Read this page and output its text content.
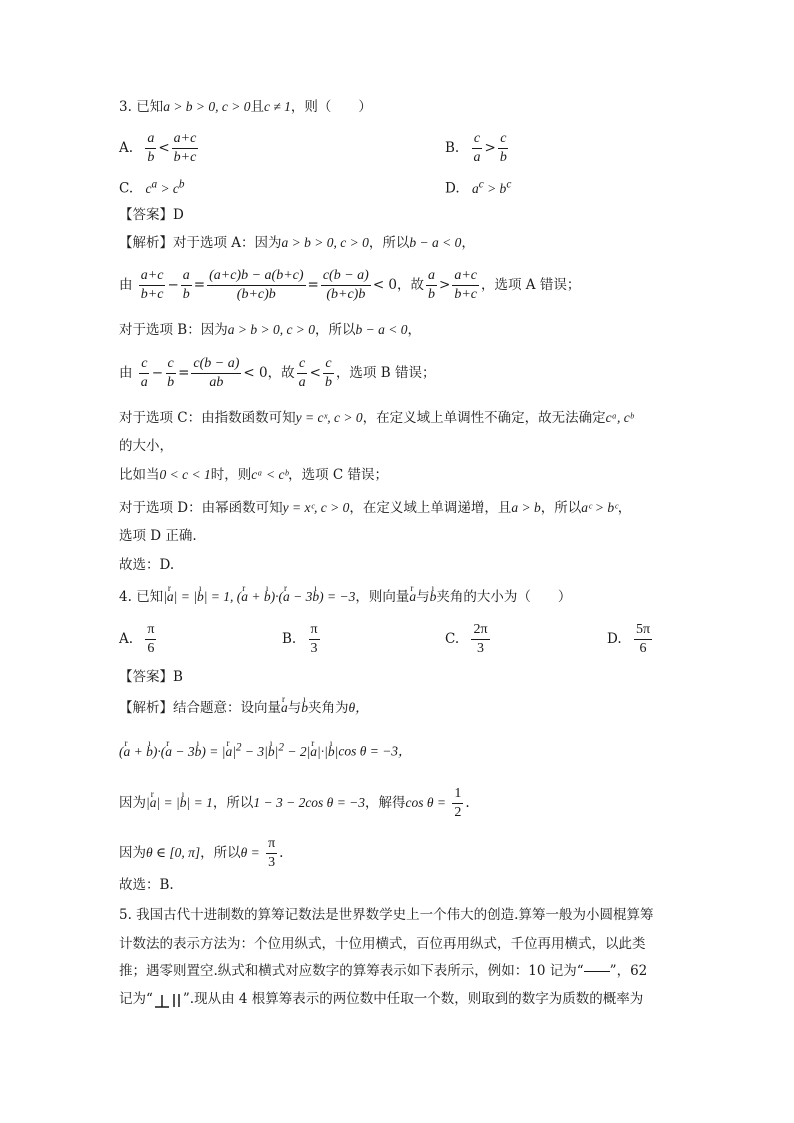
3. 已知a > b > 0, c > 0且c ≠ 1，则（　　）
A. $\frac{a}{b} < \frac{a+c}{b+c}$	B. $\frac{c}{a} > \frac{c}{b}$
C. $c^a > c^b$	D. $a^c > b^c$
【答案】D
【解析】对于选项 A：因为a > b > 0, c > 0，所以b − a < 0，
由 $\frac{a+c}{b+c} - \frac{a}{b} = \frac{(a+c)b - a(b+c)}{(b+c)b} = \frac{c(b - a)}{(b+c)b} < 0$，故 $\frac{a}{b} > \frac{a+c}{b+c}$ ，选项 A 错误；
对于选项 B：因为a > b > 0, c > 0，所以b − a < 0，
由 $\frac{c}{a} - \frac{c}{b} = \frac{c(b - a)}{ab} < 0$，故 $\frac{c}{a} < \frac{c}{b}$ ，选项 B 错误；
对于选项 C：由指数函数可知y = cˣ, c > 0，在定义域上单调性不确定，故无法确定cᵃ, cᵇ
的大小，
比如当0 < c < 1时，则cᵃ < cᵇ，选项 C 错误；
对于选项 D：由幂函数可知y = xᶜ, c > 0，在定义域上单调递增，且a > b，所以aᶜ > bᶜ，
选项 D 正确.
故选：D.
4. 已知|r a| = |ı b| = 1, (r a + ı b)·(r a − 3ı b) = −3，则向量r a与ı b夹角的大小为（　　）
A. $\frac{\pi}{6}$	B. $\frac{\pi}{3}$	C. $\frac{2\pi}{3}$	D. $\frac{5\pi}{6}$
【答案】B
【解析】结合题意：设向量r a与ı b夹角为θ，
(r a + ı b)·(r a − 3ı b) = |r $a|^2$ − 3|ı $b|^2 - 2|r$ a|·|ı b|cos θ = −3，
因为|r a| = |ı b| = 1，所以1 − 3 − 2cos θ = −3，解得$\cos \theta = \frac{1}{2}$ .
因为θ ∈ [0, π]，所以$\theta = \frac{\pi}{3}$ .
故选：B.
5. 我国古代十进制数的算筹记数法是世界数学史上一个伟大的创造.算筹一般为小圆棍算筹
计数法的表示方法为：个位用纵式，十位用横式，百位再用纵式，千位再用横式，以此类
推；遇零则置空.纵式和横式对应数字的算筹表示如下表所示，例如：10 记为“ ”，62
记为“ ”.现从由 4 根算筹表示的两位数中任取一个数，则取到的数字为质数的概率为
